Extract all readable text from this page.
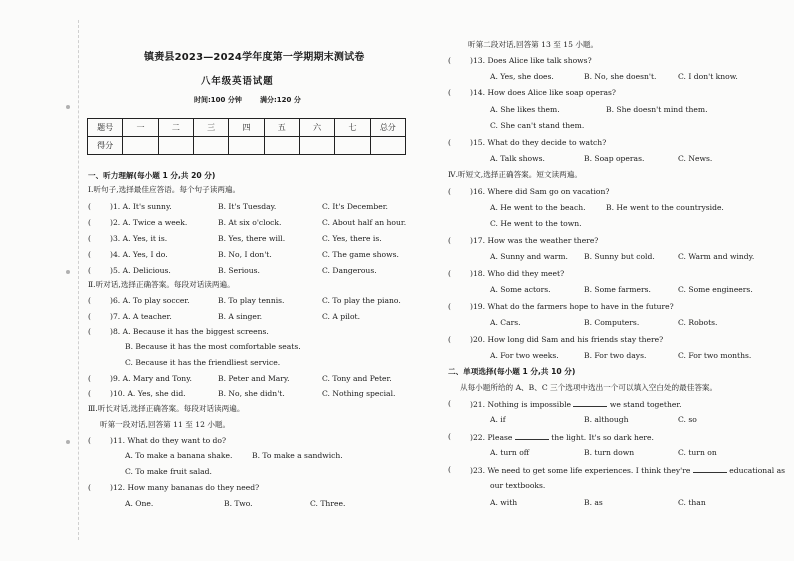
镇赉县2023—2024学年度第一学期期末测试卷
八年级英语试题
时间:100 分钟	满分:120 分
题号	一	二	三	四	五	六	七	总分
得分								
一、听力理解(每小题 1 分,共 20 分)
Ⅰ.听句子,选择最佳应答语。每个句子读两遍。
(	)1. A. It's sunny.	B. It's Tuesday.	C. It's December.
(	)2. A. Twice a week.	B. At six o'clock.	C. About half an hour.
(	)3. A. Yes, it is.	B. Yes, there will.	C. Yes, there is.
(	)4. A. Yes, I do.	B. No, I don't.	C. The game shows.
(	)5. A. Delicious.	B. Serious.	C. Dangerous.
Ⅱ.听对话,选择正确答案。每段对话读两遍。
(	)6. A. To play soccer.	B. To play tennis.	C. To play the piano.
(	)7. A. A teacher.	B. A singer.	C. A pilot.
(	)8. A. Because it has the biggest screens.
B. Because it has the most comfortable seats.
C. Because it has the friendliest service.
(	)9. A. Mary and Tony.	B. Peter and Mary.	C. Tony and Peter.
(	)10. A. Yes, she did.	B. No, she didn't.	C. Nothing special.
Ⅲ.听长对话,选择正确答案。每段对话读两遍。
听第一段对话,回答第 11 至 12 小题。
(	)11. What do they want to do?
A. To make a banana shake.	B. To make a sandwich.
C. To make fruit salad.
(	)12. How many bananas do they need?
A. One.	B. Two.	C. Three.
听第二段对话,回答第 13 至 15 小题。
(	)13. Does Alice like talk shows?
A. Yes, she does.	B. No, she doesn't.	C. I don't know.
(	)14. How does Alice like soap operas?
A. She likes them.	B. She doesn't mind them.
C. She can't stand them.
(	)15. What do they decide to watch?
A. Talk shows.	B. Soap operas.	C. News.
Ⅳ.听短文,选择正确答案。短文读两遍。
(	)16. Where did Sam go on vacation?
A. He went to the beach.	B. He went to the countryside.
C. He went to the town.
(	)17. How was the weather there?
A. Sunny and warm. B. Sunny but cold.	C. Warm and windy.
(	)18. Who did they meet?
A. Some actors.	B. Some farmers.	C. Some engineers.
(	)19. What do the farmers hope to have in the future?
A. Cars.	B. Computers.	C. Robots.
(	)20. How long did Sam and his friends stay there?
A. For two weeks.	B. For two days.	C. For two months.
二、单项选择(每小题 1 分,共 10 分)
从每小题所给的 A、B、C 三个选项中选出一个可以填入空白处的最佳答案。
(	)21. Nothing is impossible	we stand together.
A. if	B. although	C. so
(	)22. Please	the light. It's so dark here.
A. turn off	B. turn down	C. turn on
(	)23. We need to get some life experiences. I think they're	educational as
our textbooks.
A. with	B. as	C. than
